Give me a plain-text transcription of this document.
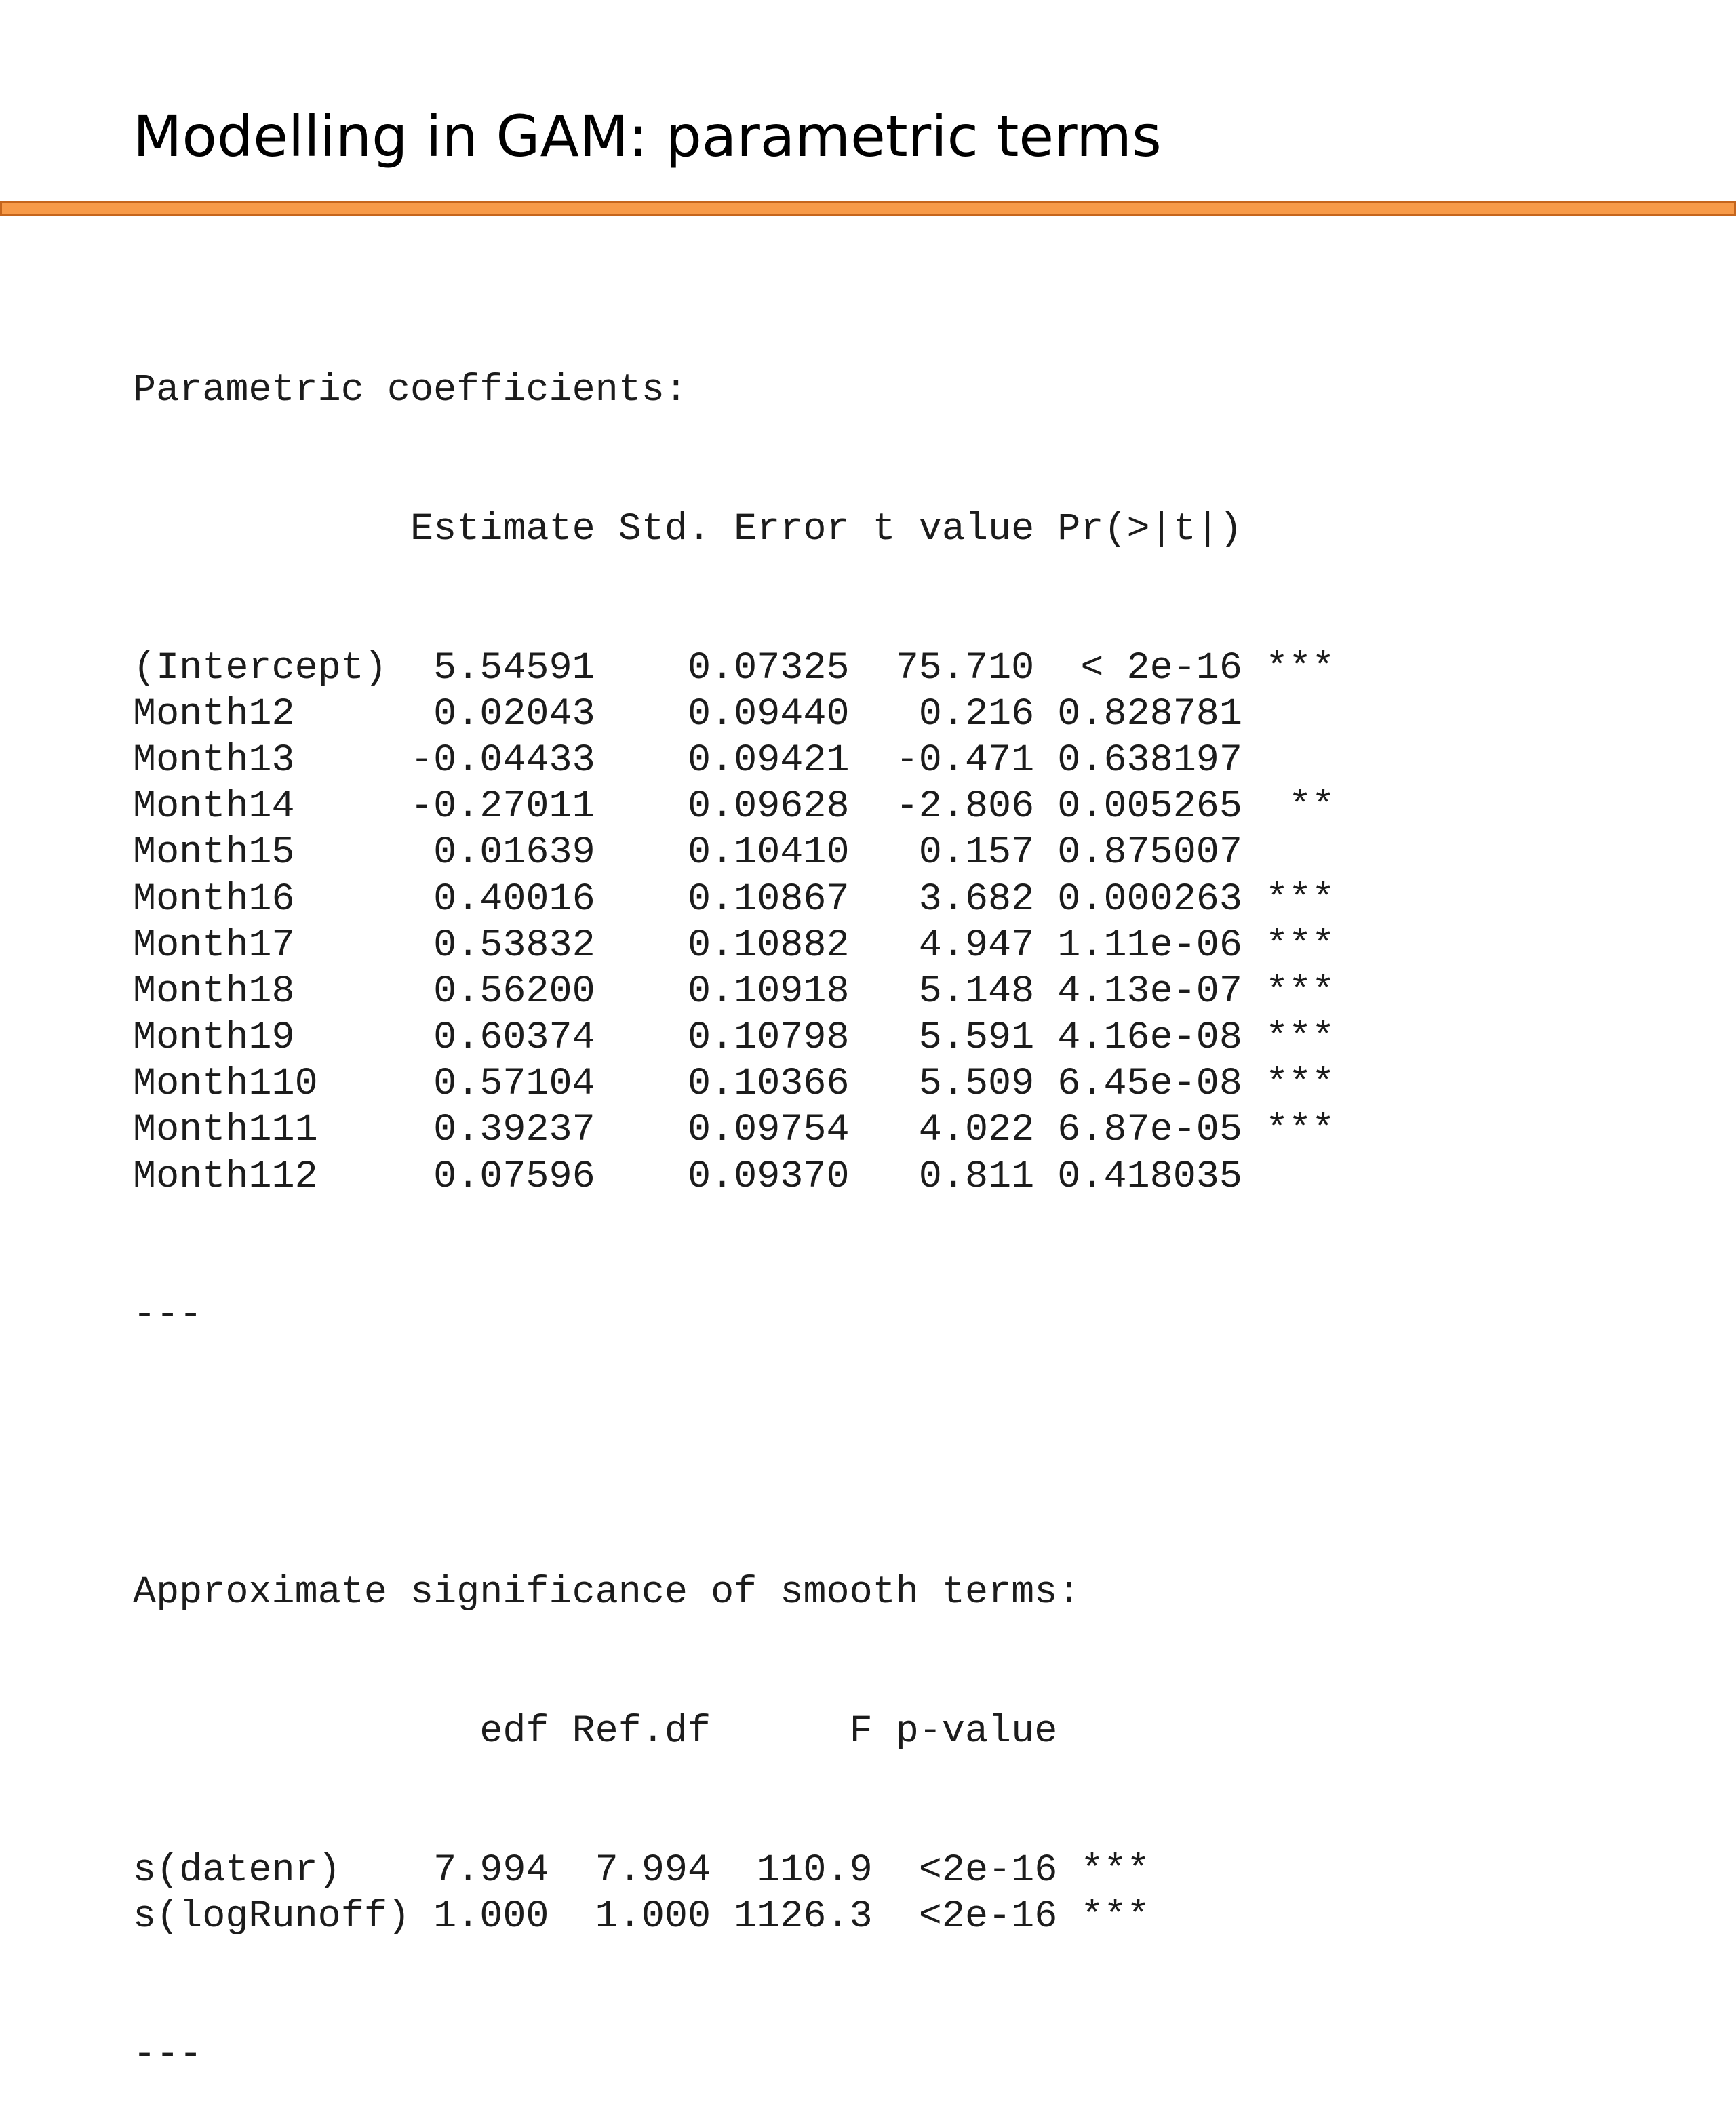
Modelling in GAM: parametric terms

Parametric coefficients:

Estimate Std. Error t value Pr(>|t|)

(Intercept) 5.54591 0.07325 75.710 < 2e-16 ***
Month12	0.02043 0.09440 0.216 0.828781
Month13	-0.04433 0.09421 -0.471 0.638197
Month14	-0.27011 0.09628 -2.806 0.005265 **
Month15	0.01639 0.10410 0.157 0.875007
Month16	0.40016 0.10867 3.682 0.000263 ***
Month17	0.53832 0.10882 4.947 1.11e-06 ***
Month18	0.56200 0.10918 5.148 4.13e-07 ***
Month19	0.60374 0.10798 5.591 4.16e-08 ***
Month110	0.57104 0.10366 5.509 6.45e-08 ***
Month111	0.39237 0.09754 4.022 6.87e-05 ***
Month112	0.07596 0.09370 0.811 0.418035

---

Approximate significance of smooth terms:

edf Ref.df	F p-value

s(datenr) 7.994 7.994 110.9 <2e-16 ***
s(logRunoff) 1.000 1.000 1126.3 <2e-16 ***

---
